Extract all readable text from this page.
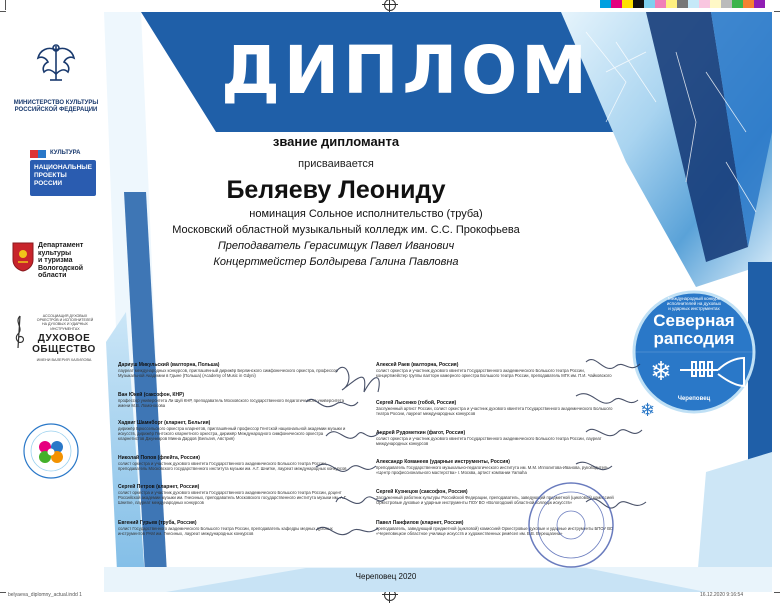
МИНИСТЕРСТВО КУЛЬТУРЫ
РОССИЙСКОЙ ФЕДЕРАЦИИ
КУЛЬТУРА
НАЦИОНАЛЬНЫЕ
ПРОЕКТЫ
РОССИИ
Департамент
культуры
и туризма
Вологодской
области
АССОЦИАЦИЯ ДУХОВЫХ
ОРКЕСТРОВ И ИСПОЛНИТЕЛЕЙ
НА ДУХОВЫХ И УДАРНЫХ
ИНСТРУМЕНТАХ
ДУХОВОЕ
ОБЩЕСТВО
ИМЕНИ ВАЛЕРИЯ ХАЛИЛОВА
ДИПЛОМ
звание дипломанта
присваивается
Беляеву Леониду
номинация Сольное исполнительство (труба)
Московский областной музыкальный колледж им. С.С. Прокофьева
Преподаватель Герасимщук Павел Иванович
Концертмейстер Болдырева Галина Павловна
Международный конкурс
исполнителей на духовых
и ударных инструментах
Северная
рапсодия
❄
Череповец
❄
Дариуш Микульский (валторна, Польша)
лауреат международных конкурсов, приглашённый дирижёр Берлинского симфонического оркестра, профессор Музыкальной Академии в Гдыне (Польша) (Academy of Music in Gdyni)
Ван Юкей (саксофон, КНР)
профессор университета Ли Шуй КНР, преподаватель Московского государственного педагогического университета имени М.В. Ломоносова
Хадвиг Шамнборг (кларнет, Бельгия)
дирижёр Брюссельского оркестра кларнетов, приглашённый профессор Гентской национальной академии музыки и искусств, дирижёр Гентского кларнетного оркестра, дирижёр Международного симфонического оркестра кларнетистов Джуниоров Минна Дардов (Бельгия, Австрия)
Николай Попов (флейта, Россия)
солист оркестра и участник духового квинтета Государственного академического Большого театра России, преподаватель Московского государственного института музыки им. А.Г. Шнитке, лауреат международных конкурсов
Сергей Петров (кларнет, Россия)
солист оркестра и участник духового квинтета Государственного академического Большого театра России, доцент Российской академии музыки им. Гнесиных, преподаватель Московского государственного института музыки им. А.Г. Шнитке, лауреат международных конкурсов
Евгений Гурьев (труба, Россия)
солист Государственного академического Большого театра России, преподаватель кафедры медных духовых инструментов РАМ им. Гнесиных, лауреат международных конкурсов
Алексей Раев (валторна, Россия)
солист оркестра и участник духового квинтета Государственного академического Большого театра России, концертмейстер группы валторн камерного оркестра Большого театра России, преподаватель МГК им. П.И. Чайковского
Сергей Лысенко (гобой, Россия)
Заслуженный артист России, солист оркестра и участник духового квинтета Государственного академического Большого театра России, лауреат международных конкурсов
Андрей Рудометкин (фагот, Россия)
солист оркестра и участник духового квинтета Государственного академического Большого театра России, лауреат международных конкурсов
Александр Команеев (ударные инструменты, Россия)
преподаватель Государственного музыкально-педагогического института им. М.М. Ипполитова-Иванова, руководитель «Центр профессионального мастерства» г. Москва, артист компании Yamaha
Сергей Кузнецов (саксофон, Россия)
Заслуженный работник культуры Российской Федерации, преподаватель, заведующий предметной (цикловой) комиссией Оркестровые духовые и ударные инструменты ПОУ ВО «Вологодский областной колледж искусств»
Павел Панфилов (кларнет, Россия)
преподаватель, заведующий предметной (цикловой) комиссией Оркестровые духовые и ударные инструменты БПОУ ВО «Череповецкое областное училище искусств и художественных ремёсел им. В.В. Верещагина»
Череповец 2020
belyaeva_diplomny_actual.indd 1	16.12.2020 9:16:54
